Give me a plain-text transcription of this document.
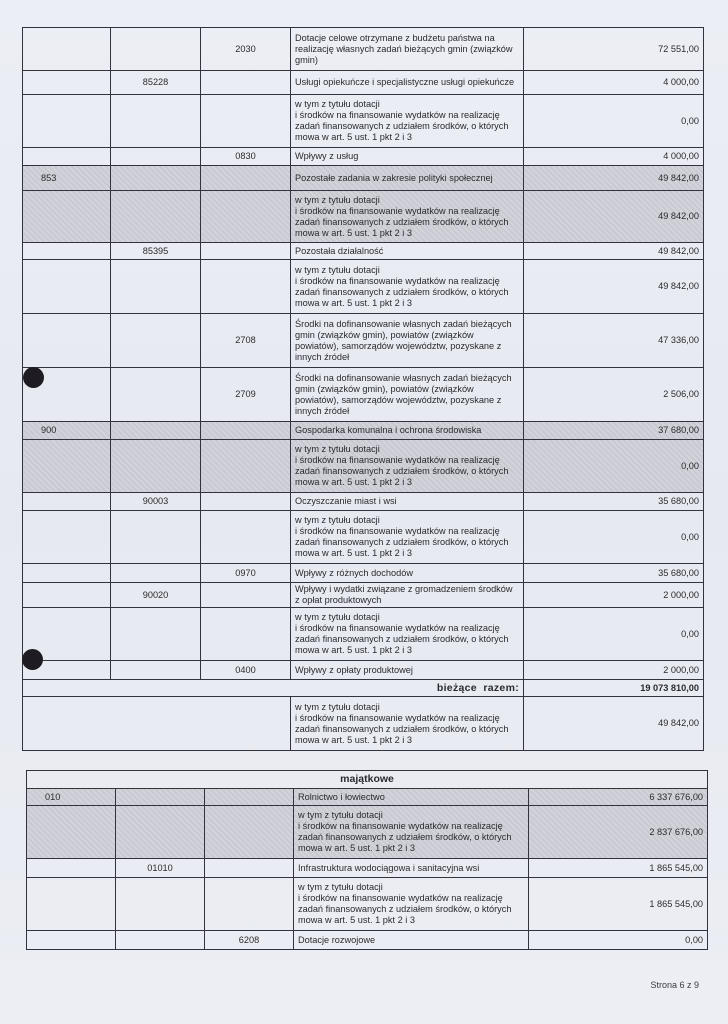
		2030	Dotacje celowe otrzymane z budżetu państwa na realizację własnych zadań bieżących gmin (związków gmin)	72 551,00
	85228		Usługi opiekuńcze i specjalistyczne usługi opiekuńcze	4 000,00
			w tym z tytułu dotacji
i środków na finansowanie wydatków na realizację zadań finansowanych z udziałem środków, o których mowa w art. 5 ust. 1 pkt 2 i 3	0,00
		0830	Wpływy z usług	4 000,00
853			Pozostałe zadania w zakresie polityki społecznej	49 842,00
			w tym z tytułu dotacji
i środków na finansowanie wydatków na realizację zadań finansowanych z udziałem środków, o których mowa w art. 5 ust. 1 pkt 2 i 3	49 842,00
	85395		Pozostała działalność	49 842,00
			w tym z tytułu dotacji
i środków na finansowanie wydatków na realizację zadań finansowanych z udziałem środków, o których mowa w art. 5 ust. 1 pkt 2 i 3	49 842,00
		2708	Środki na dofinansowanie własnych zadań bieżących gmin (związków gmin), powiatów (związków powiatów), samorządów województw, pozyskane z innych źródeł	47 336,00
		2709	Środki na dofinansowanie własnych zadań bieżących gmin (związków gmin), powiatów (związków powiatów), samorządów województw, pozyskane z innych źródeł	2 506,00
900			Gospodarka komunalna i ochrona środowiska	37 680,00
			w tym z tytułu dotacji
i środków na finansowanie wydatków na realizację zadań finansowanych z udziałem środków, o których mowa w art. 5 ust. 1 pkt 2 i 3	0,00
	90003		Oczyszczanie miast i wsi	35 680,00
			w tym z tytułu dotacji
i środków na finansowanie wydatków na realizację zadań finansowanych z udziałem środków, o których mowa w art. 5 ust. 1 pkt 2 i 3	0,00
		0970	Wpływy z różnych dochodów	35 680,00
	90020		Wpływy i wydatki związane z gromadzeniem środków z opłat produktowych	2 000,00
			w tym z tytułu dotacji
i środków na finansowanie wydatków na realizację zadań finansowanych z udziałem środków, o których mowa w art. 5 ust. 1 pkt 2 i 3	0,00
		0400	Wpływy z opłaty produktowej	2 000,00
bieżące  razem:				19 073 810,00
			w tym z tytułu dotacji
i środków na finansowanie wydatków na realizację zadań finansowanych z udziałem środków, o których mowa w art. 5 ust. 1 pkt 2 i 3	49 842,00
majątkowe				
010			Rolnictwo i łowiectwo	6 337 676,00
			w tym z tytułu dotacji
i środków na finansowanie wydatków na realizację zadań finansowanych z udziałem środków, o których mowa w art. 5 ust. 1 pkt 2 i 3	2 837 676,00
	01010		Infrastruktura wodociągowa i sanitacyjna wsi	1 865 545,00
			w tym z tytułu dotacji
i środków na finansowanie wydatków na realizację zadań finansowanych z udziałem środków, o których mowa w art. 5 ust. 1 pkt 2 i 3	1 865 545,00
		6208	Dotacje rozwojowe	0,00
Strona 6 z 9
